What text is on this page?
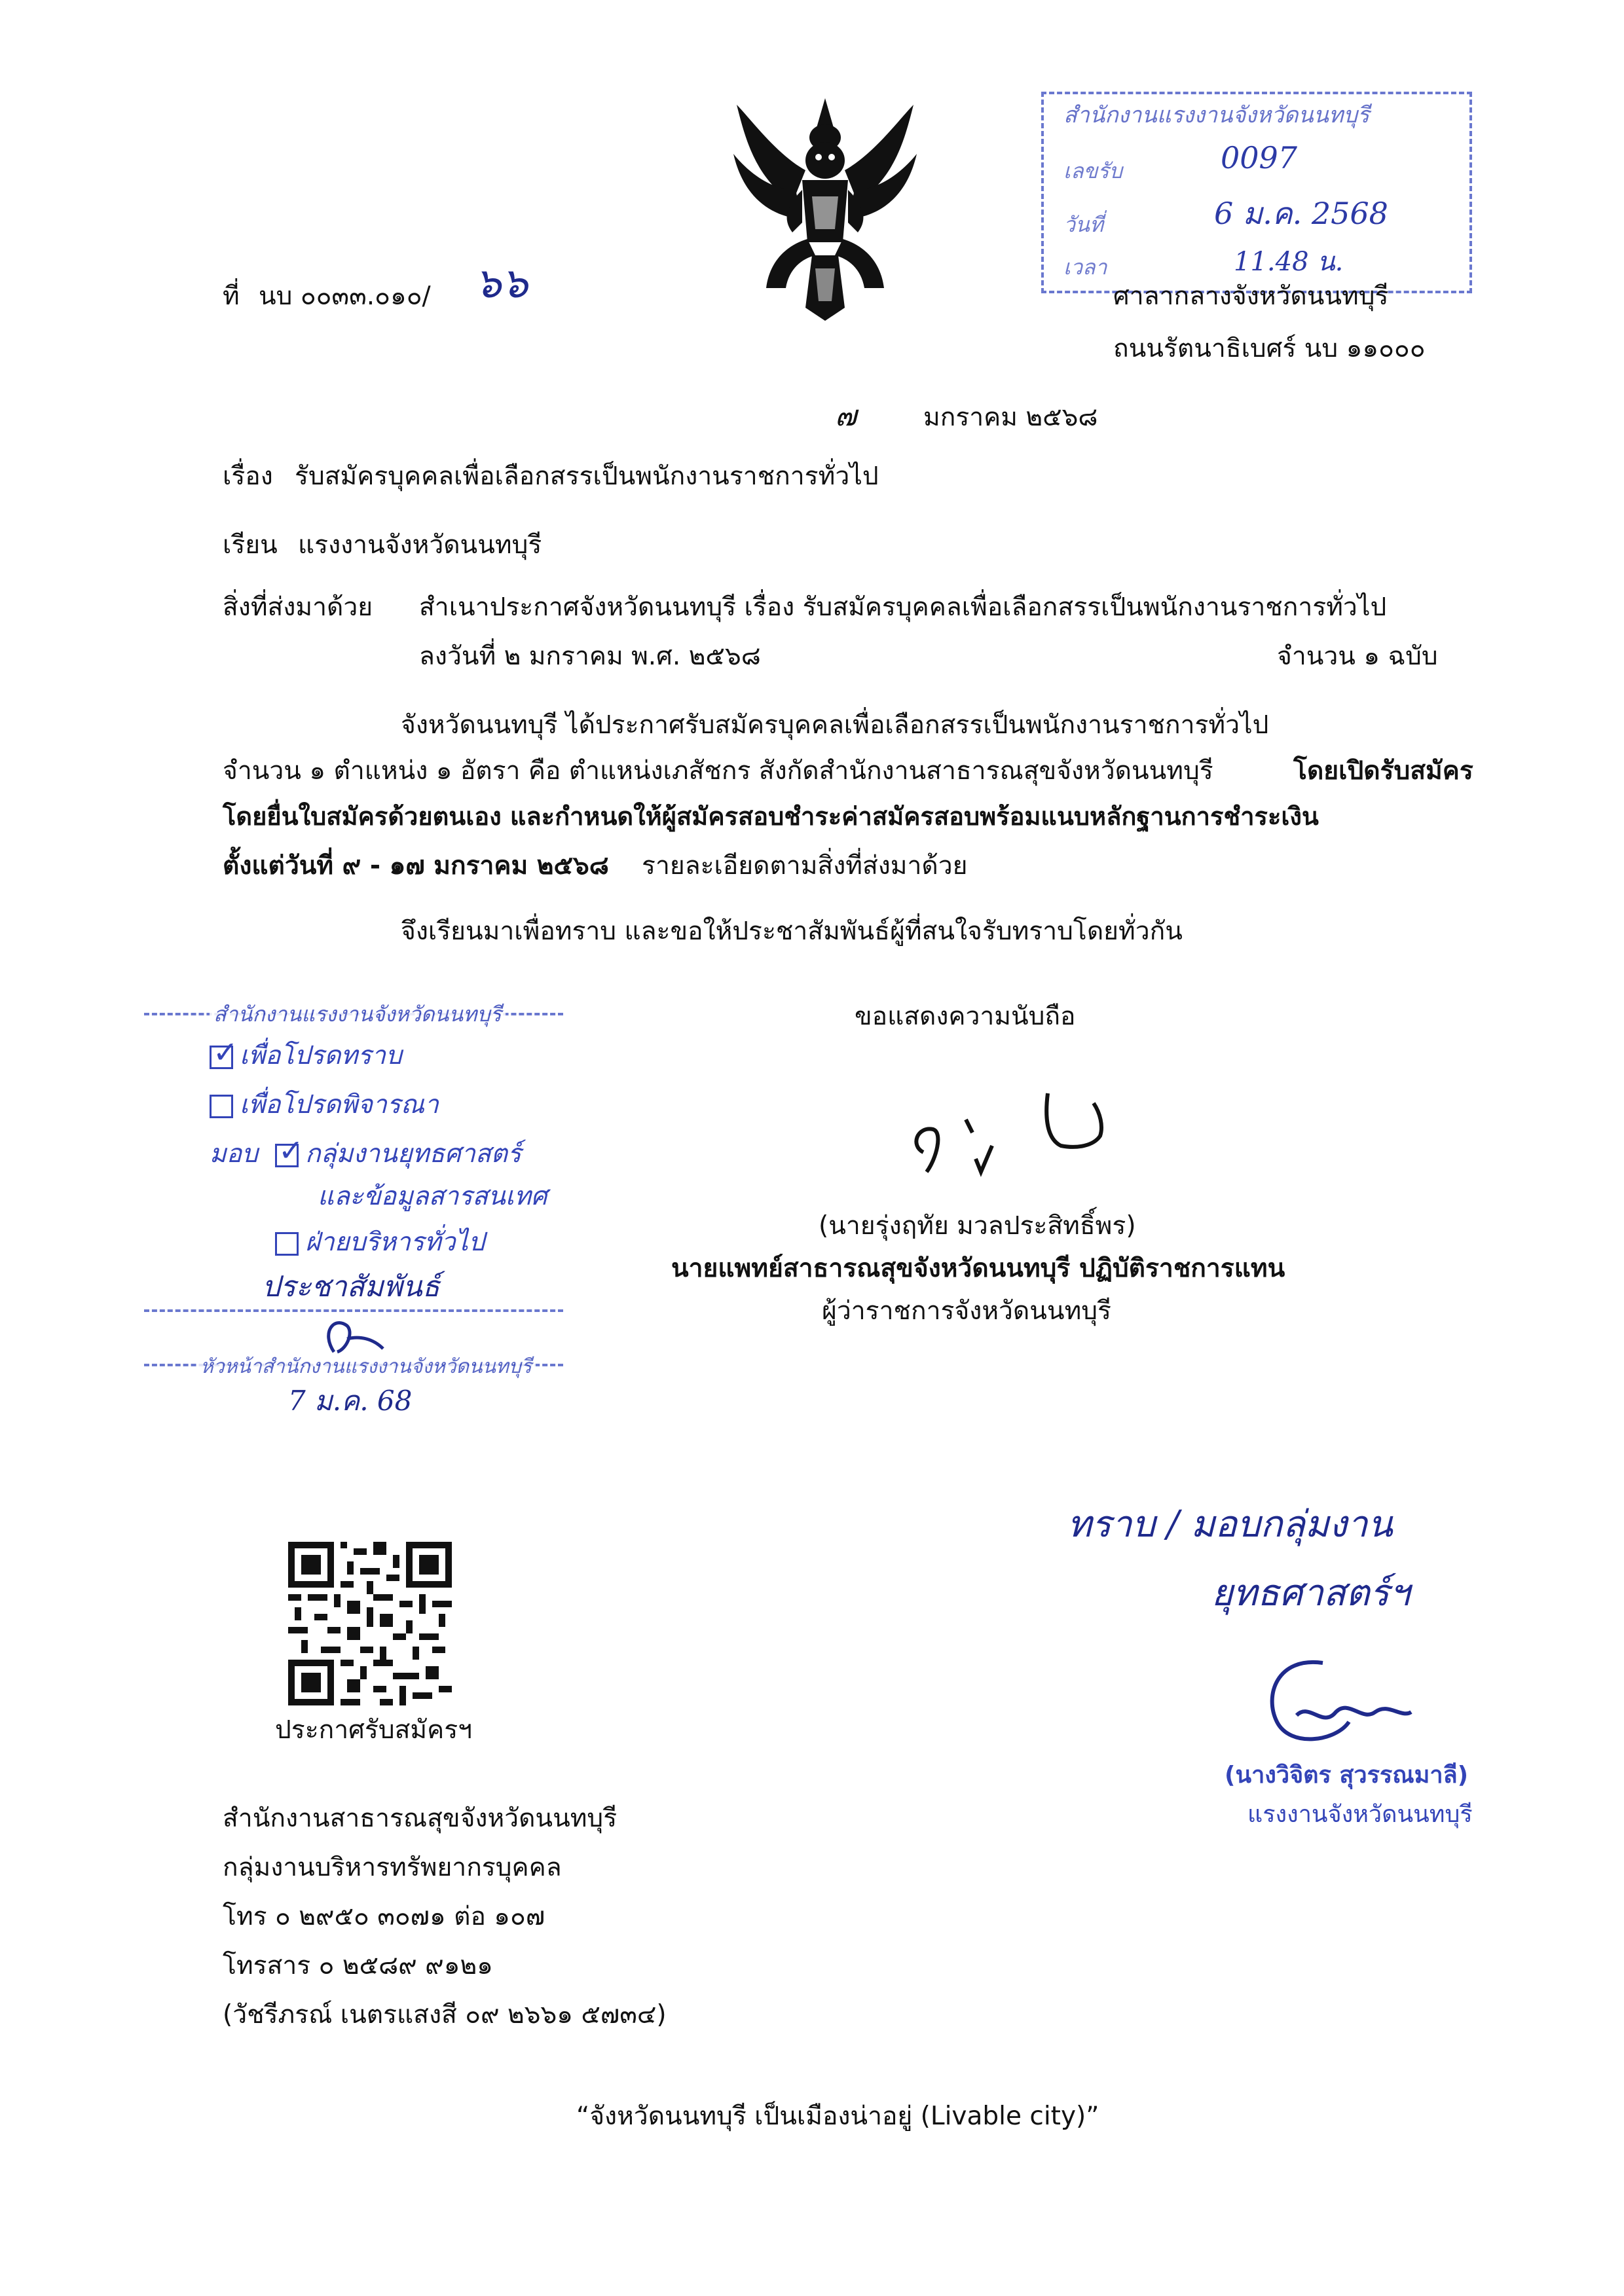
สำนักงานแรงงานจังหวัดนนทบุรี
เลขรับ	0097
วันที่	6 ม.ค. 2568
เวลา	11.48 น.
ที่ นบ ๐๐๓๓.๐๑๐/ ๖๖	ศาลากลางจังหวัดนนทบุรี
ถนนรัตนาธิเบศร์ นบ ๑๑๐๐๐
๗	มกราคม ๒๕๖๘
เรื่อง รับสมัครบุคคลเพื่อเลือกสรรเป็นพนักงานราชการทั่วไป
เรียน แรงงานจังหวัดนนทบุรี
สิ่งที่ส่งมาด้วย สำเนาประกาศจังหวัดนนทบุรี เรื่อง รับสมัครบุคคลเพื่อเลือกสรรเป็นพนักงานราชการทั่วไป
ลงวันที่ ๒ มกราคม พ.ศ. ๒๕๖๘	จำนวน ๑ ฉบับ
จังหวัดนนทบุรี ได้ประกาศรับสมัครบุคคลเพื่อเลือกสรรเป็นพนักงานราชการทั่วไป
จำนวน ๑ ตำแหน่ง ๑ อัตรา คือ ตำแหน่งเภสัชกร สังกัดสำนักงานสาธารณสุขจังหวัดนนทบุรี	โดยเปิดรับสมัคร
โดยยื่นใบสมัครด้วยตนเอง และกำหนดให้ผู้สมัครสอบชำระค่าสมัครสอบพร้อมแนบหลักฐานการชำระเงิน
ตั้งแต่วันที่ ๙ - ๑๗ มกราคม ๒๕๖๘ รายละเอียดตามสิ่งที่ส่งมาด้วย
จึงเรียนมาเพื่อทราบ และขอให้ประชาสัมพันธ์ผู้ที่สนใจรับทราบโดยทั่วกัน
สำนักงานแรงงานจังหวัดนนทบุรี
✓เพื่อโปรดทราบ
เพื่อโปรดพิจารณา
มอบ
✓	กลุ่มงานยุทธศาสตร์
และข้อมูลสารสนเทศ
ฝ่ายบริหารทั่วไป
ประชาสัมพันธ์
หัวหน้าสำนักงานแรงงานจังหวัดนนทบุรี
7 ม.ค. 68
ขอแสดงความนับถือ
(นายรุ่งฤทัย มวลประสิทธิ์พร)
นายแพทย์สาธารณสุขจังหวัดนนทบุรี ปฏิบัติราชการแทน
ผู้ว่าราชการจังหวัดนนทบุรี
ประกาศรับสมัครฯ
ทราบ / มอบกลุ่มงาน
ยุทธศาสตร์ฯ
(นางวิจิตร สุวรรณมาลี)
แรงงานจังหวัดนนทบุรี
สำนักงานสาธารณสุขจังหวัดนนทบุรี
กลุ่มงานบริหารทรัพยากรบุคคล
โทร ๐ ๒๙๕๐ ๓๐๗๑ ต่อ ๑๐๗
โทรสาร ๐ ๒๕๘๙ ๙๑๒๑
(วัชรีภรณ์ เนตรแสงสี ๐๙ ๒๖๖๑ ๕๗๓๔)
“จังหวัดนนทบุรี เป็นเมืองน่าอยู่ (Livable city)”
